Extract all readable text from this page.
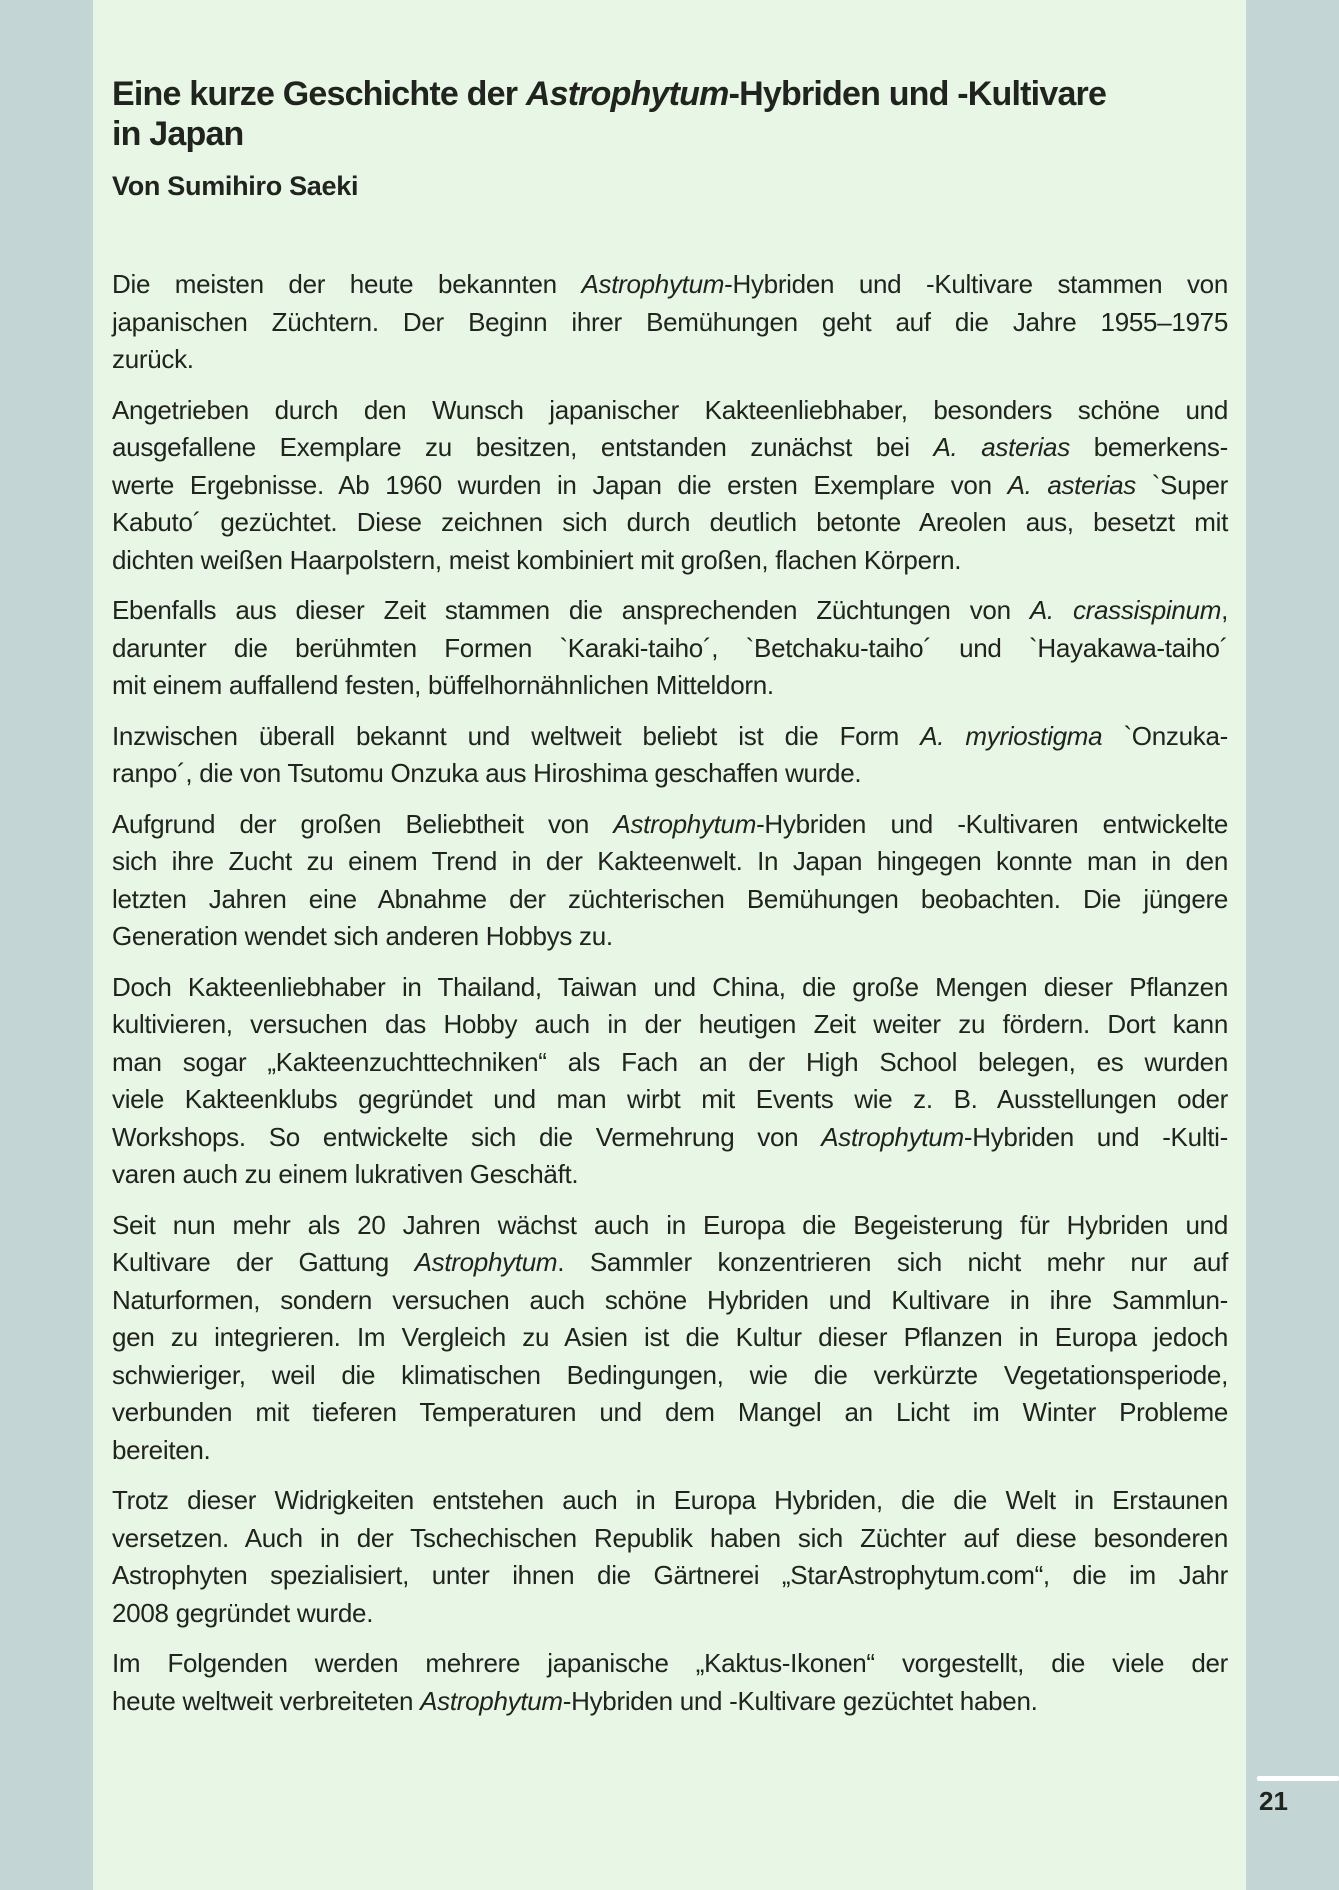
Eine kurze Geschichte der Astrophytum-Hybriden und -Kultivare
in Japan
Von Sumihiro Saeki
Die meisten der heute bekannten Astrophytum-Hybriden und -Kultivare stammen von
japanischen Züchtern. Der Beginn ihrer Bemühungen geht auf die Jahre 1955–1975
zurück.
Angetrieben durch den Wunsch japanischer Kakteenliebhaber, besonders schöne und
ausgefallene Exemplare zu besitzen, entstanden zunächst bei A. asterias bemerkens-
werte Ergebnisse. Ab 1960 wurden in Japan die ersten Exemplare von A. asterias `Super
Kabuto´ gezüchtet. Diese zeichnen sich durch deutlich betonte Areolen aus, besetzt mit
dichten weißen Haarpolstern, meist kombiniert mit großen, flachen Körpern.
Ebenfalls aus dieser Zeit stammen die ansprechenden Züchtungen von A. crassispinum,
darunter die berühmten Formen `Karaki-taiho´, `Betchaku-taiho´ und `Hayakawa-taiho´
mit einem auffallend festen, büffelhornähnlichen Mitteldorn.
Inzwischen überall bekannt und weltweit beliebt ist die Form A. myriostigma `Onzuka-
ranpo´, die von Tsutomu Onzuka aus Hiroshima geschaffen wurde.
Aufgrund der großen Beliebtheit von Astrophytum-Hybriden und -Kultivaren entwickelte
sich ihre Zucht zu einem Trend in der Kakteenwelt. In Japan hingegen konnte man in den
letzten Jahren eine Abnahme der züchterischen Bemühungen beobachten. Die jüngere
Generation wendet sich anderen Hobbys zu.
Doch Kakteenliebhaber in Thailand, Taiwan und China, die große Mengen dieser Pflanzen
kultivieren, versuchen das Hobby auch in der heutigen Zeit weiter zu fördern. Dort kann
man sogar „Kakteenzuchttechniken“ als Fach an der High School belegen, es wurden
viele Kakteenklubs gegründet und man wirbt mit Events wie z. B. Ausstellungen oder
Workshops. So entwickelte sich die Vermehrung von Astrophytum-Hybriden und -Kulti-
varen auch zu einem lukrativen Geschäft.
Seit nun mehr als 20 Jahren wächst auch in Europa die Begeisterung für Hybriden und
Kultivare der Gattung Astrophytum. Sammler konzentrieren sich nicht mehr nur auf
Naturformen, sondern versuchen auch schöne Hybriden und Kultivare in ihre Sammlun-
gen zu integrieren. Im Vergleich zu Asien ist die Kultur dieser Pflanzen in Europa jedoch
schwieriger, weil die klimatischen Bedingungen, wie die verkürzte Vegetationsperiode,
verbunden mit tieferen Temperaturen und dem Mangel an Licht im Winter Probleme
bereiten.
Trotz dieser Widrigkeiten entstehen auch in Europa Hybriden, die die Welt in Erstaunen
versetzen. Auch in der Tschechischen Republik haben sich Züchter auf diese besonderen
Astrophyten spezialisiert, unter ihnen die Gärtnerei „StarAstrophytum.com“, die im Jahr
2008 gegründet wurde.
Im Folgenden werden mehrere japanische „Kaktus-Ikonen“ vorgestellt, die viele der
heute weltweit verbreiteten Astrophytum-Hybriden und -Kultivare gezüchtet haben.
21
